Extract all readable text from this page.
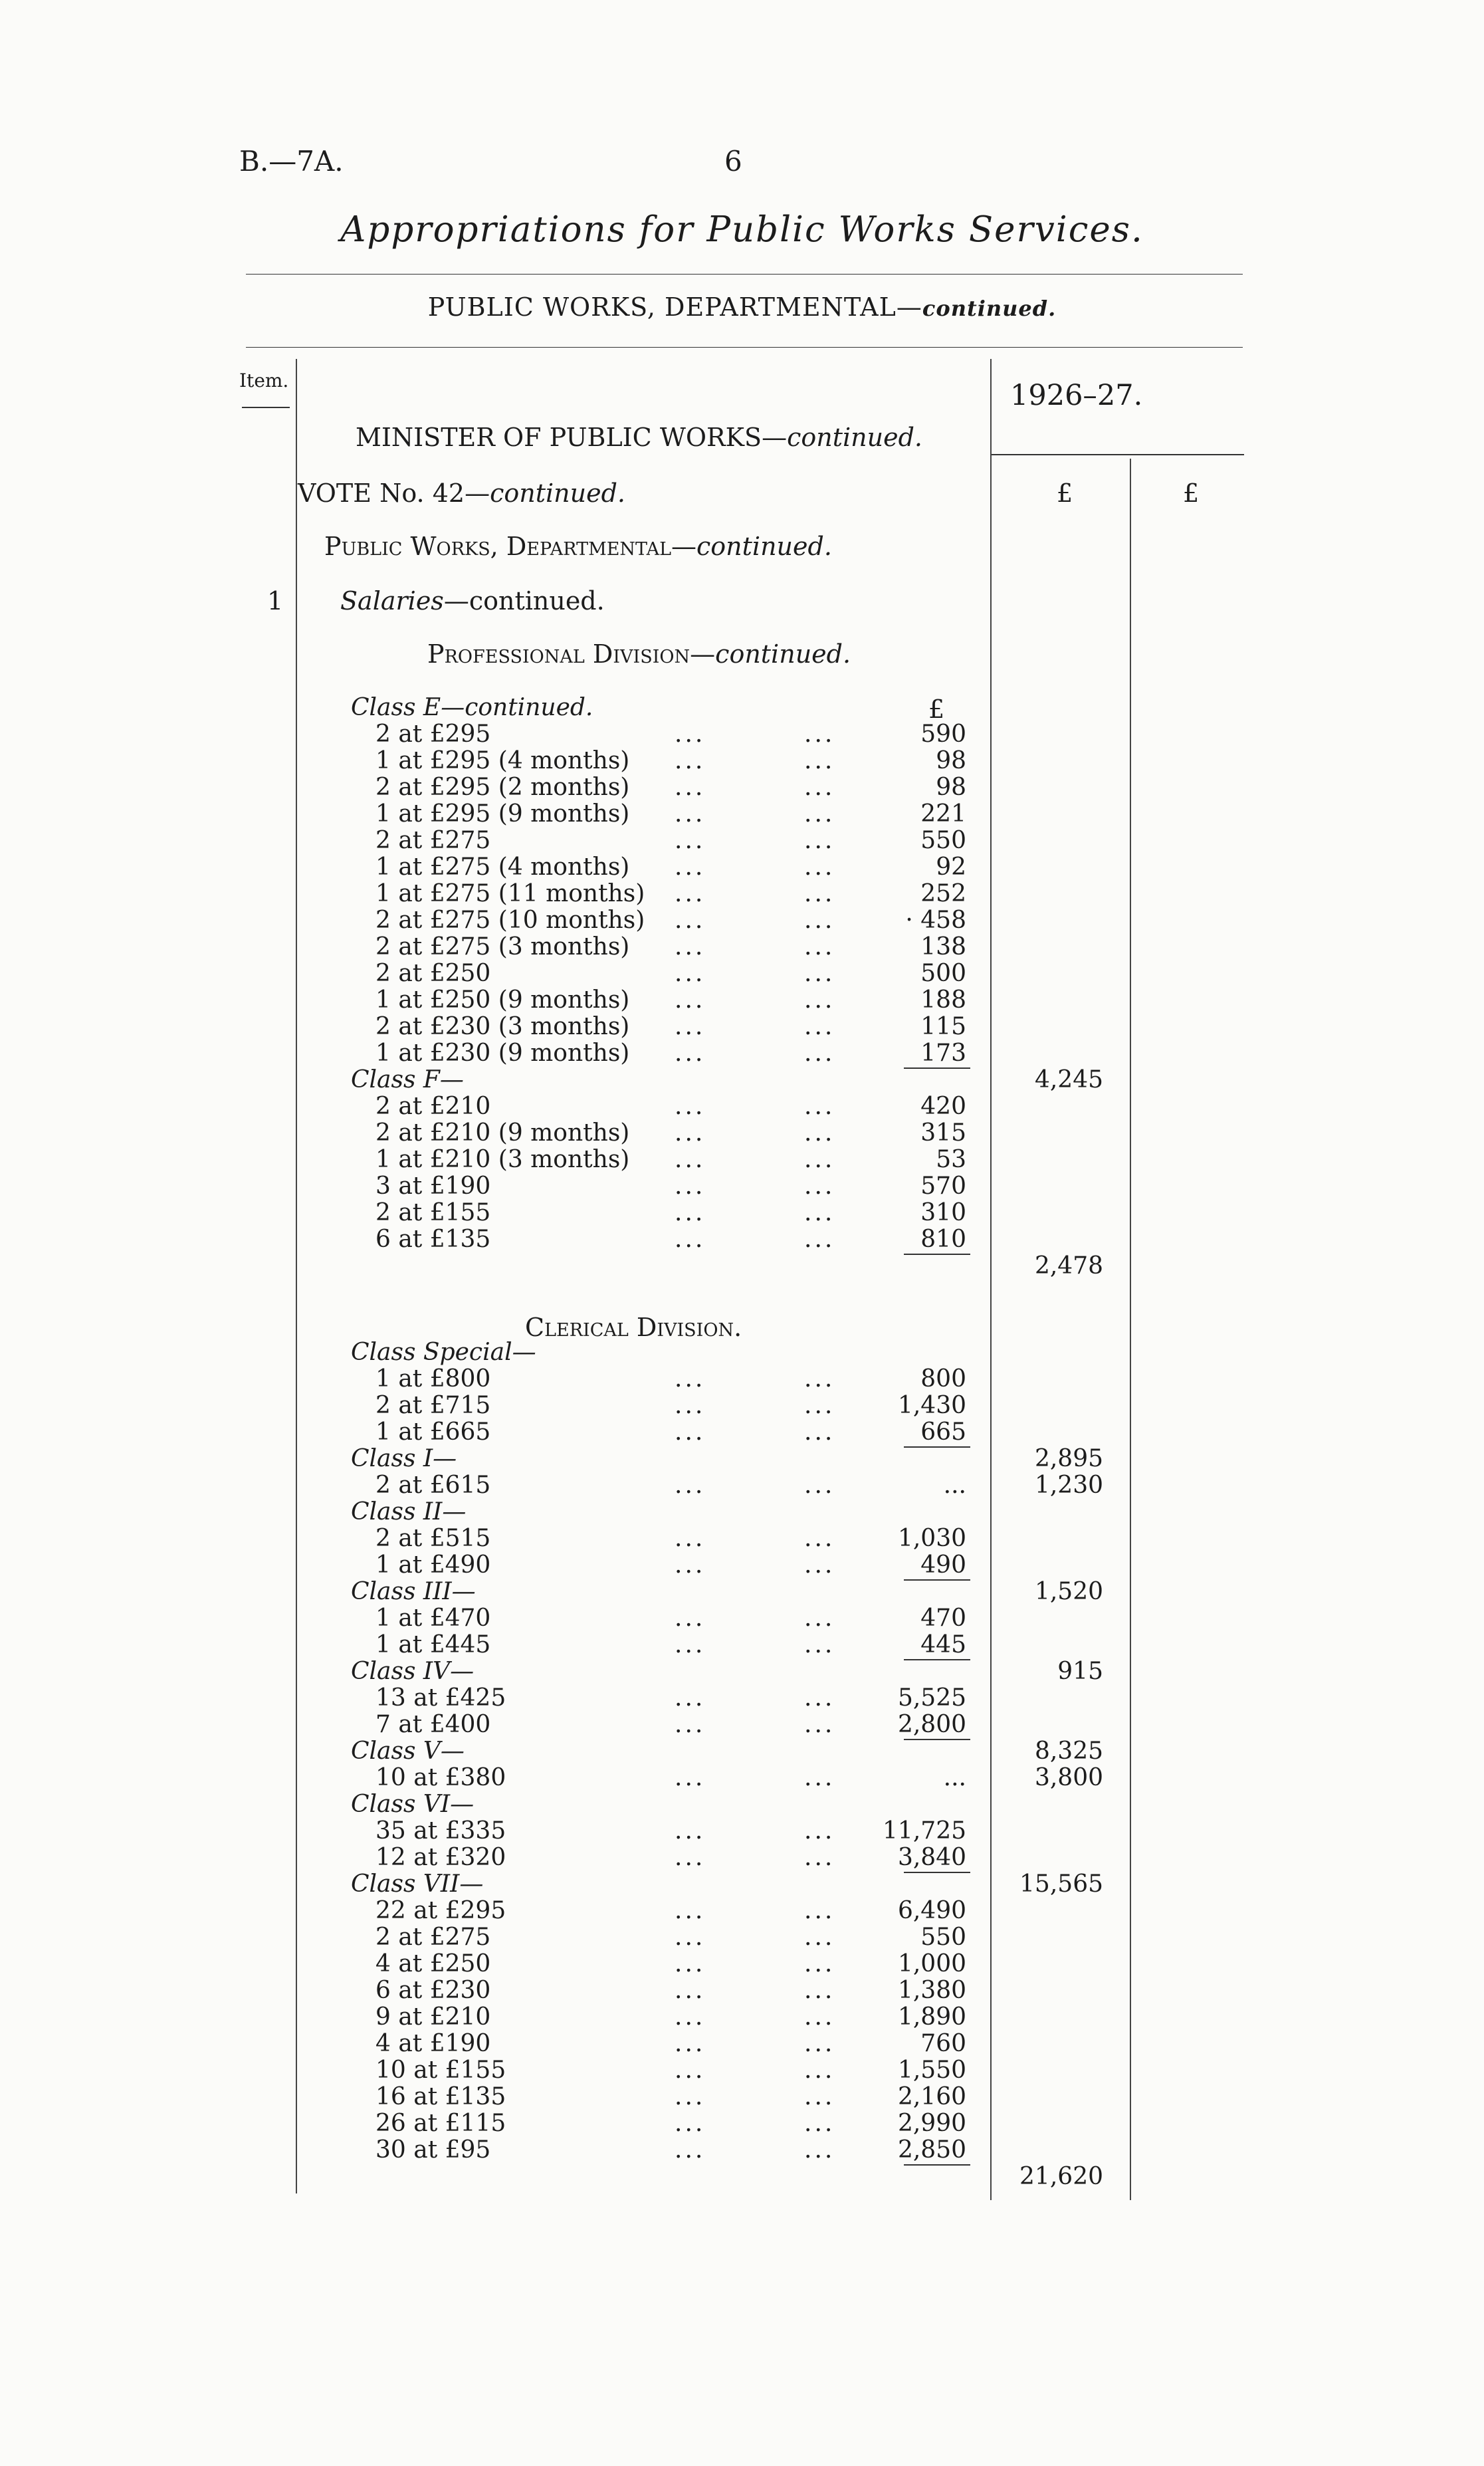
B.—7A.	6
Appropriations for Public Works Services.
PUBLIC WORKS, DEPARTMENTAL—continued.
Item.	1926–27.
£	£
MINISTER OF PUBLIC WORKS—continued.
VOTE No. 42—continued.
Public Works, Departmental—continued.
1 Salaries—continued.
Professional Division—continued.
£
Clerical Division.
Class E—continued.
2 at £295	...	...	590
1 at £295 (4 months) ...	...	98
2 at £295 (2 months) ...	...	98
1 at £295 (9 months) ...	...	221
2 at £275	...	...	550
1 at £275 (4 months) ...	...	92
1 at £275 (11 months) ...	...	252
2 at £275 (10 months) ...	...	· 458
2 at £275 (3 months) ...	...	138
2 at £250	...	...	500
1 at £250 (9 months) ...	...	188
2 at £230 (3 months) ...	...	115
1 at £230 (9 months) ...	...	173
Class F—	4,245
2 at £210	...	...	420
2 at £210 (9 months) ...	...	315
1 at £210 (3 months) ...	...	53
3 at £190	...	...	570
2 at £155	...	...	310
6 at £135	...	...	810
2,478
Class Special—
1 at £800	...	...	800
2 at £715	...	...	1,430
1 at £665	...	...	665
Class I—	2,895
2 at £615	...	...	...	1,230
Class II—
2 at £515	...	...	1,030
1 at £490	...	...	490
Class III—	1,520
1 at £470	...	...	470
1 at £445	...	...	445
Class IV—	915
13 at £425	...	...	5,525
7 at £400	...	...	2,800
Class V—	8,325
10 at £380	...	...	...	3,800
Class VI—
35 at £335	...	...	11,725
12 at £320	...	...	3,840
Class VII—	15,565
22 at £295	...	...	6,490
2 at £275	...	...	550
4 at £250	...	...	1,000
6 at £230	...	...	1,380
9 at £210	...	...	1,890
4 at £190	...	...	760
10 at £155	...	...	1,550
16 at £135	...	...	2,160
26 at £115	...	...	2,990
30 at £95	...	...	2,850
21,620
